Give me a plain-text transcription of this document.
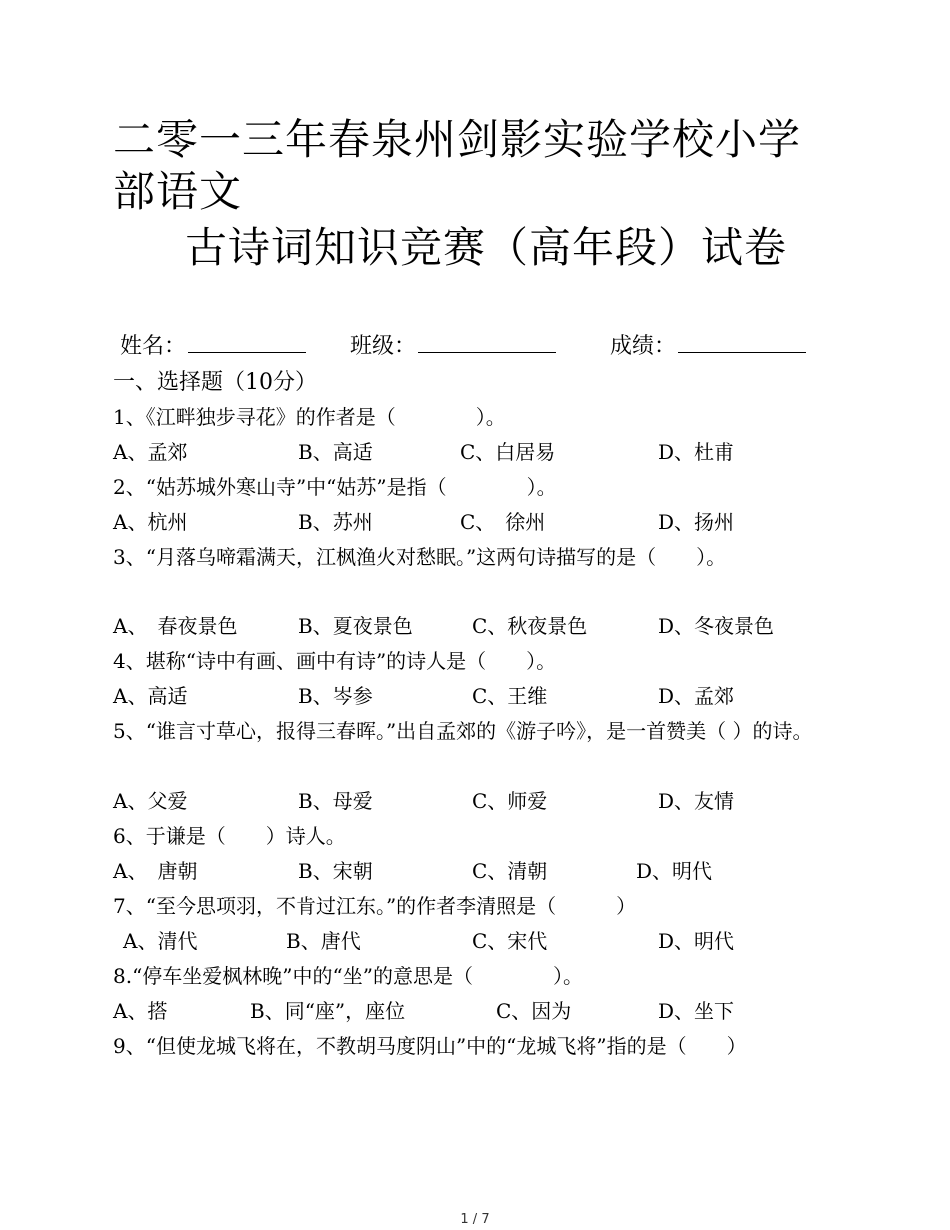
二零一三年春泉州剑影实验学校小学部语文
古诗词知识竞赛（高年段）试卷
姓名：	班级：	成绩：
一、选择题（10分）
1、《江畔独步寻花》的作者是（　　　　）。
A、孟郊	B、高适	C、白居易	D、杜甫
2、“姑苏城外寒山寺”中“姑苏”是指（　　　　）。
A、杭州	B、苏州	C、　徐州	D、扬州
3、“月落乌啼霜满天，江枫渔火对愁眠。”这两句诗描写的是（　　）。
A、　春夜景色	B、夏夜景色	C、秋夜景色	D、冬夜景色
4、堪称“诗中有画、画中有诗”的诗人是（　　）。
A、高适	B、岑参	C、王维	D、孟郊
5、“谁言寸草心，报得三春晖。”出自孟郊的《游子吟》，是一首赞美（ ）的诗。
A、父爱	B、母爱	C、师爱	D、友情
6、于谦是（　　）诗人。
A、　唐朝	B、宋朝	C、清朝	D、明代
7、“至今思项羽，不肯过江东。”的作者李清照是（　　　）
A、清代	B、唐代	C、宋代	D、明代
8.“停车坐爱枫林晚”中的“坐”的意思是（　　　　）。
A、搭	B、同“座”，座位	C、因为	D、坐下
9、“但使龙城飞将在，不教胡马度阴山”中的“龙城飞将”指的是（　　）
1 / 7
